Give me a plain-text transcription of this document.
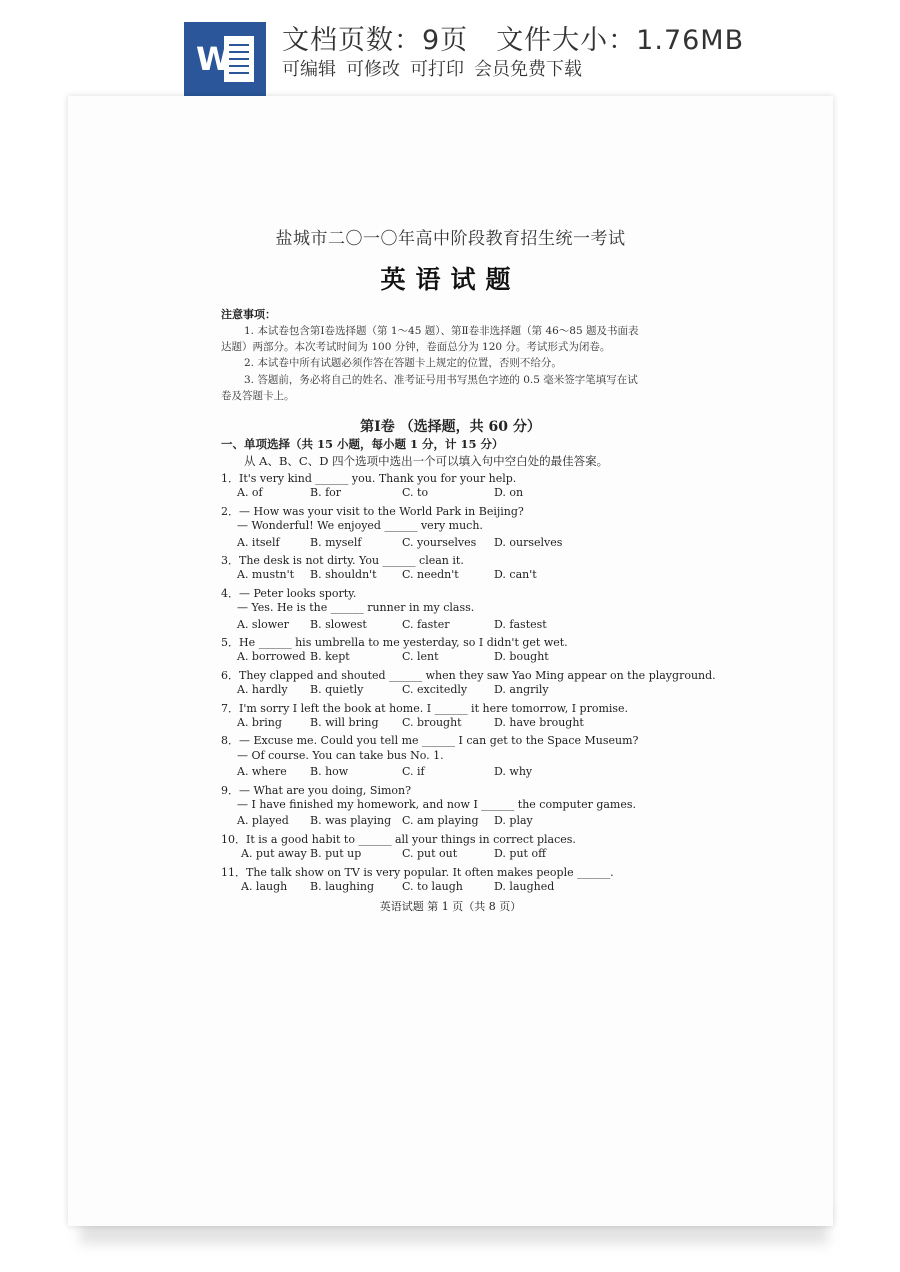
W 文档页数：9页 文件大小：1.76MB
可编辑 可修改 可打印 会员免费下载
盐城市二〇一〇年高中阶段教育招生统一考试
英语试题
注意事项：
1. 本试卷包含第Ⅰ卷选择题（第 1～45 题）、第Ⅱ卷非选择题（第 46～85 题及书面表
达题）两部分。本次考试时间为 100 分钟，卷面总分为 120 分。考试形式为闭卷。
2. 本试卷中所有试题必须作答在答题卡上规定的位置，否则不给分。
3. 答题前，务必将自己的姓名、准考证号用书写黑色字迹的 0.5 毫米签字笔填写在试
卷及答题卡上。
第Ⅰ卷 （选择题，共 60 分）
一、单项选择（共 15 小题，每小题 1 分，计 15 分）
从 A、B、C、D 四个选项中选出一个可以填入句中空白处的最佳答案。
1．It's very kind ______ you. Thank you for your help.
A. of	B. for	C. to	D. on
2．— How was your visit to the World Park in Beijing?
— Wonderful! We enjoyed ______ very much.
A. itself	B. myself	C. yourselves D. ourselves
3．The desk is not dirty. You ______ clean it.
A. mustn't B. shouldn't C. needn't	D. can't
4．— Peter looks sporty.
— Yes. He is the ______ runner in my class.
A. slower B. slowest	C. faster	D. fastest
5．He ______ his umbrella to me yesterday, so I didn't get wet.
A. borrowed B. kept	C. lent	D. bought
6．They clapped and shouted ______ when they saw Yao Ming appear on the playground.
A. hardly B. quietly	C. excitedly D. angrily
7．I'm sorry I left the book at home. I ______ it here tomorrow, I promise.
A. bring	B. will bring C. brought	D. have brought
8．— Excuse me. Could you tell me ______ I can get to the Space Museum?
— Of course. You can take bus No. 1.
A. where B. how	C. if	D. why
9．— What are you doing, Simon?
— I have finished my homework, and now I ______ the computer games.
A. played B. was playing C. am playing D. play
10．It is a good habit to ______ all your things in correct places.
A. put away B. put up	C. put out	D. put off
11．The talk show on TV is very popular. It often makes people ______.
A. laugh B. laughing	C. to laugh	D. laughed
英语试题 第 1 页（共 8 页）
